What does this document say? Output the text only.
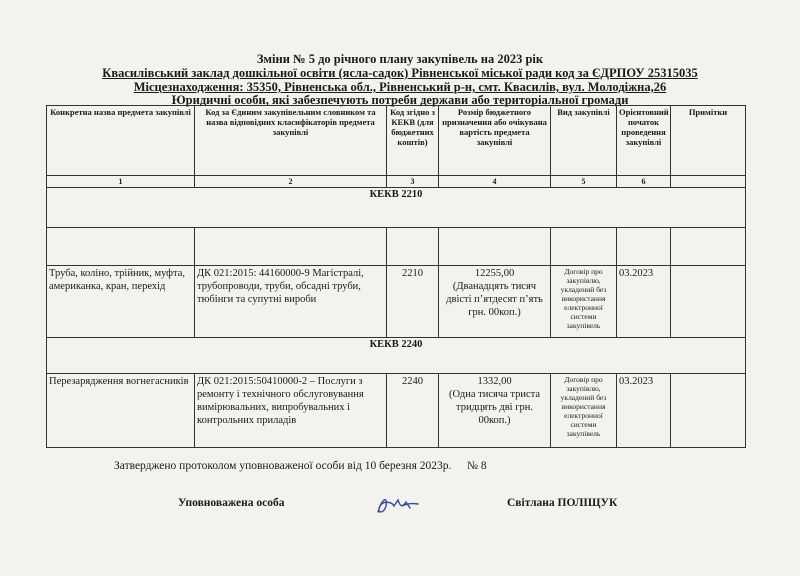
Зміни № 5 до річного плану закупівель на 2023 рік
Квасилівський заклад дошкільної освіти (ясла-садок) Рівненської міської ради код за ЄДРПОУ 25315035
Місцезнаходження: 35350, Рівненська обл., Рівненський р-н, смт. Квасилів, вул. Молодіжна,26
Юридичні особи, які забезпечують потреби держави або територіальної громади
Конкретна назва предмета закупівлі	Код за Єдиним закупівельним словником та назва відповідних класифікаторів предмета закупівлі	Код згідно з КЕКВ (для бюджетних коштів)	Розмір бюджетного призначення або очікувана вартість предмета закупівлі	Вид закупівлі	Орієнтовний початок проведення закупівлі	Примітки
1	2	3	4	5	6	
КЕКВ 2210						

Труба, коліно, трійник, муфта, американка, кран, перехід	ДК 021:2015: 44160000-9 Магістралі, трубопроводи, труби, обсадні труби, тюбінги та супутні вироби	2210	12255,00
(Дванадцять тисяч двісті п’ятдесят п’ять грн. 00коп.)	Договір про закупівлю, укладений без використання електронної системи закупівель	03.2023	
КЕКВ 2240						
Перезарядження вогнегасників	ДК 021:2015:50410000-2 – Послуги з ремонту і технічного обслуговування вимірювальних, випробувальних і контрольних приладів	2240	1332,00
(Одна тисяча триста тридцять дві грн. 00коп.)	Договір про закупівлю, укладений без використання електронної системи закупівель	03.2023	
Затверджено протоколом уповноваженої особи від 10 березня 2023р. № 8
Уповноважена особа	Світлана ПОЛІЩУК
